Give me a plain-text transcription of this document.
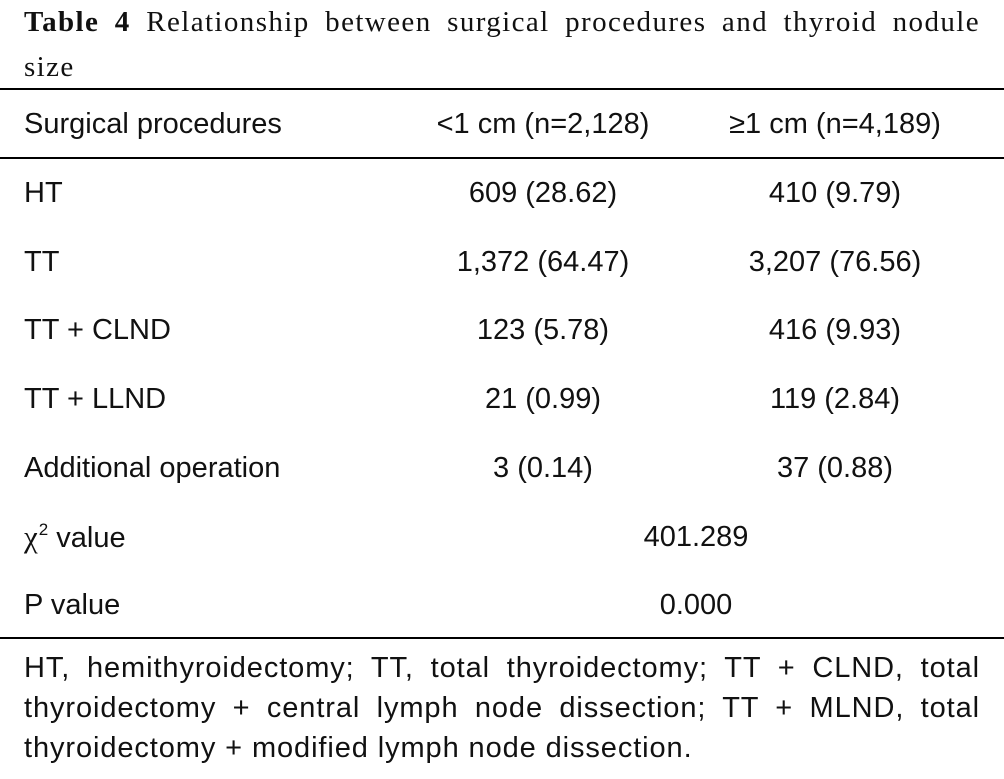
Table 4 Relationship between surgical procedures and thyroid nodule size
Surgical procedures	<1 cm (n=2,128)	≥1 cm (n=4,189)
HT	609 (28.62)	410 (9.79)
TT	1,372 (64.47)	3,207 (76.56)
TT + CLND	123 (5.78)	416 (9.93)
TT + LLND	21 (0.99)	119 (2.84)
Additional operation	3 (0.14)	37 (0.88)
$\chi^2$ value	401.289
P value	0.000
HT, hemithyroidectomy; TT, total thyroidectomy; TT + CLND, total thyroidectomy + central lymph node dissection; TT + MLND, total thyroidectomy + modified lymph node dissection.
